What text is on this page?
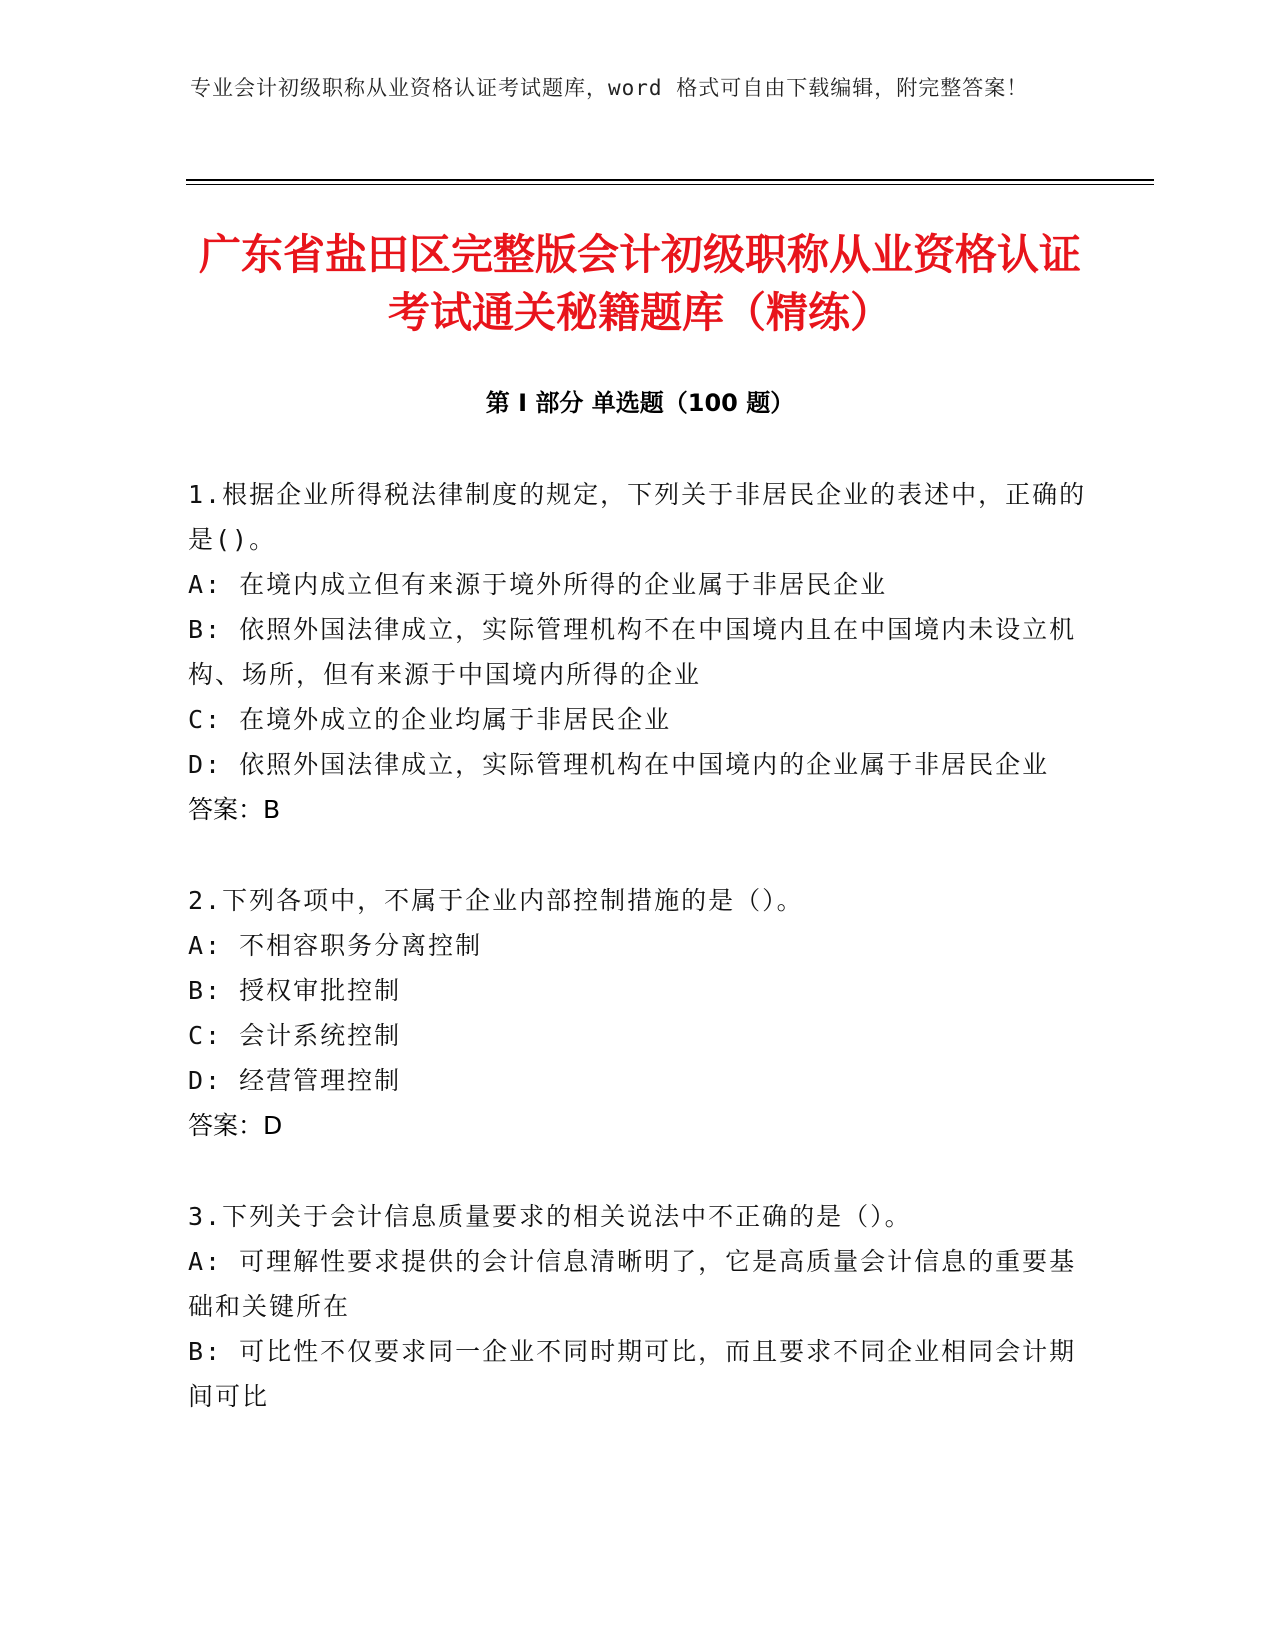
专业会计初级职称从业资格认证考试题库，word 格式可自由下载编辑，附完整答案！
广东省盐田区完整版会计初级职称从业资格认证考试通关秘籍题库（精练）
第 I 部分 单选题（100 题）

1.根据企业所得税法律制度的规定，下列关于非居民企业的表述中，正确的是()。

A: 在境内成立但有来源于境外所得的企业属于非居民企业

B: 依照外国法律成立，实际管理机构不在中国境内且在中国境内未设立机构、场所，但有来源于中国境内所得的企业

C: 在境外成立的企业均属于非居民企业

D: 依照外国法律成立，实际管理机构在中国境内的企业属于非居民企业

答案：B

2.下列各项中，不属于企业内部控制措施的是（）。

A: 不相容职务分离控制

B: 授权审批控制

C: 会计系统控制

D: 经营管理控制

答案：D

3.下列关于会计信息质量要求的相关说法中不正确的是（）。

A: 可理解性要求提供的会计信息清晰明了，它是高质量会计信息的重要基础和关键所在

B: 可比性不仅要求同一企业不同时期可比，而且要求不同企业相同会计期间可比
